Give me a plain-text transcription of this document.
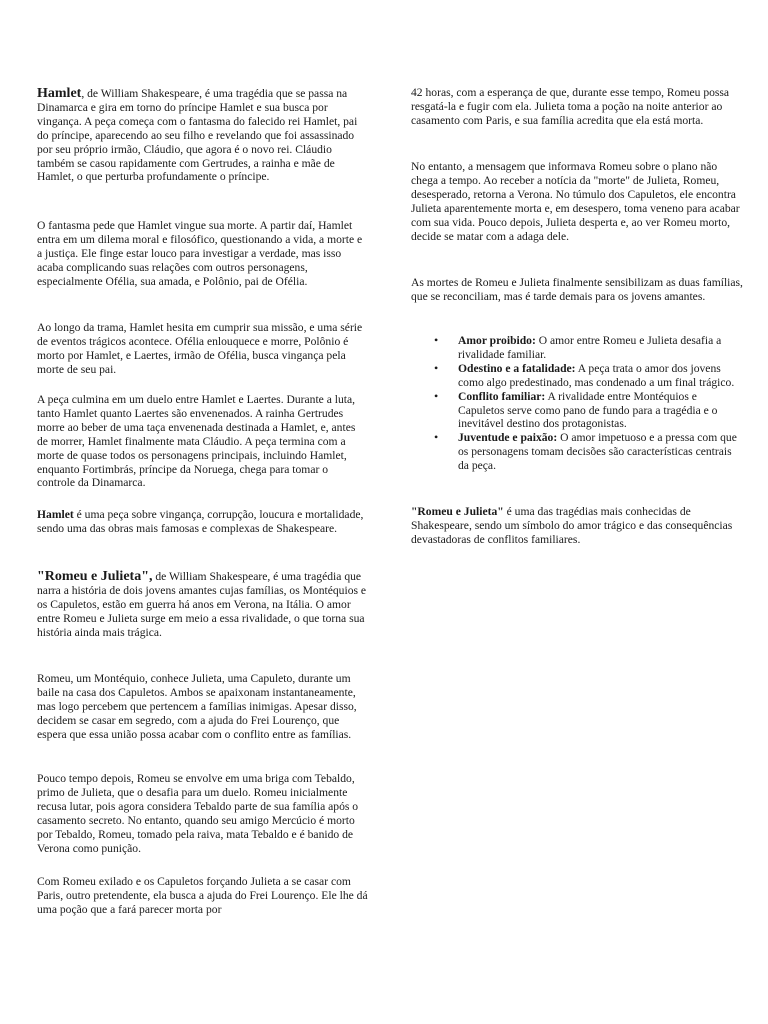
Hamlet, de William Shakespeare, é uma tragédia que se passa na Dinamarca e gira em torno do príncipe Hamlet e sua busca por vingança. A peça começa com o fantasma do falecido rei Hamlet, pai do príncipe, aparecendo ao seu filho e revelando que foi assassinado por seu próprio irmão, Cláudio, que agora é o novo rei. Cláudio também se casou rapidamente com Gertrudes, a rainha e mãe de Hamlet, o que perturba profundamente o príncipe.

O fantasma pede que Hamlet vingue sua morte. A partir daí, Hamlet entra em um dilema moral e filosófico, questionando a vida, a morte e a justiça. Ele finge estar louco para investigar a verdade, mas isso acaba complicando suas relações com outros personagens, especialmente Ofélia, sua amada, e Polônio, pai de Ofélia.

Ao longo da trama, Hamlet hesita em cumprir sua missão, e uma série de eventos trágicos acontece. Ofélia enlouquece e morre, Polônio é morto por Hamlet, e Laertes, irmão de Ofélia, busca vingança pela morte de seu pai.

A peça culmina em um duelo entre Hamlet e Laertes. Durante a luta, tanto Hamlet quanto Laertes são envenenados. A rainha Gertrudes morre ao beber de uma taça envenenada destinada a Hamlet, e, antes de morrer, Hamlet finalmente mata Cláudio. A peça termina com a morte de quase todos os personagens principais, incluindo Hamlet, enquanto Fortimbrás, príncipe da Noruega, chega para tomar o controle da Dinamarca.

Hamlet é uma peça sobre vingança, corrupção, loucura e mortalidade, sendo uma das obras mais famosas e complexas de Shakespeare.

"Romeu e Julieta", de William Shakespeare, é uma tragédia que narra a história de dois jovens amantes cujas famílias, os Montéquios e os Capuletos, estão em guerra há anos em Verona, na Itália. O amor entre Romeu e Julieta surge em meio a essa rivalidade, o que torna sua história ainda mais trágica.

Romeu, um Montéquio, conhece Julieta, uma Capuleto, durante um baile na casa dos Capuletos. Ambos se apaixonam instantaneamente, mas logo percebem que pertencem a famílias inimigas. Apesar disso, decidem se casar em segredo, com a ajuda do Frei Lourenço, que espera que essa união possa acabar com o conflito entre as famílias.

Pouco tempo depois, Romeu se envolve em uma briga com Tebaldo, primo de Julieta, que o desafia para um duelo. Romeu inicialmente recusa lutar, pois agora considera Tebaldo parte de sua família após o casamento secreto. No entanto, quando seu amigo Mercúcio é morto por Tebaldo, Romeu, tomado pela raiva, mata Tebaldo e é banido de Verona como punição.

Com Romeu exilado e os Capuletos forçando Julieta a se casar com Paris, outro pretendente, ela busca a ajuda do Frei Lourenço. Ele lhe dá uma poção que a fará parecer morta por

42 horas, com a esperança de que, durante esse tempo, Romeu possa resgatá-la e fugir com ela. Julieta toma a poção na noite anterior ao casamento com Paris, e sua família acredita que ela está morta.

No entanto, a mensagem que informava Romeu sobre o plano não chega a tempo. Ao receber a notícia da "morte" de Julieta, Romeu, desesperado, retorna a Verona. No túmulo dos Capuletos, ele encontra Julieta aparentemente morta e, em desespero, toma veneno para acabar com sua vida. Pouco depois, Julieta desperta e, ao ver Romeu morto, decide se matar com a adaga dele.

As mortes de Romeu e Julieta finalmente sensibilizam as duas famílias, que se reconciliam, mas é tarde demais para os jovens amantes.

• Amor proibido: O amor entre Romeu e Julieta desafia a rivalidade familiar.
• Odestino e a fatalidade: A peça trata o amor dos jovens como algo predestinado, mas condenado a um final trágico.
• Conflito familiar: A rivalidade entre Montéquios e Capuletos serve como pano de fundo para a tragédia e o inevitável destino dos protagonistas.
• Juventude e paixão: O amor impetuoso e a pressa com que os personagens tomam decisões são características centrais da peça.

"Romeu e Julieta" é uma das tragédias mais conhecidas de Shakespeare, sendo um símbolo do amor trágico e das consequências devastadoras de conflitos familiares.
